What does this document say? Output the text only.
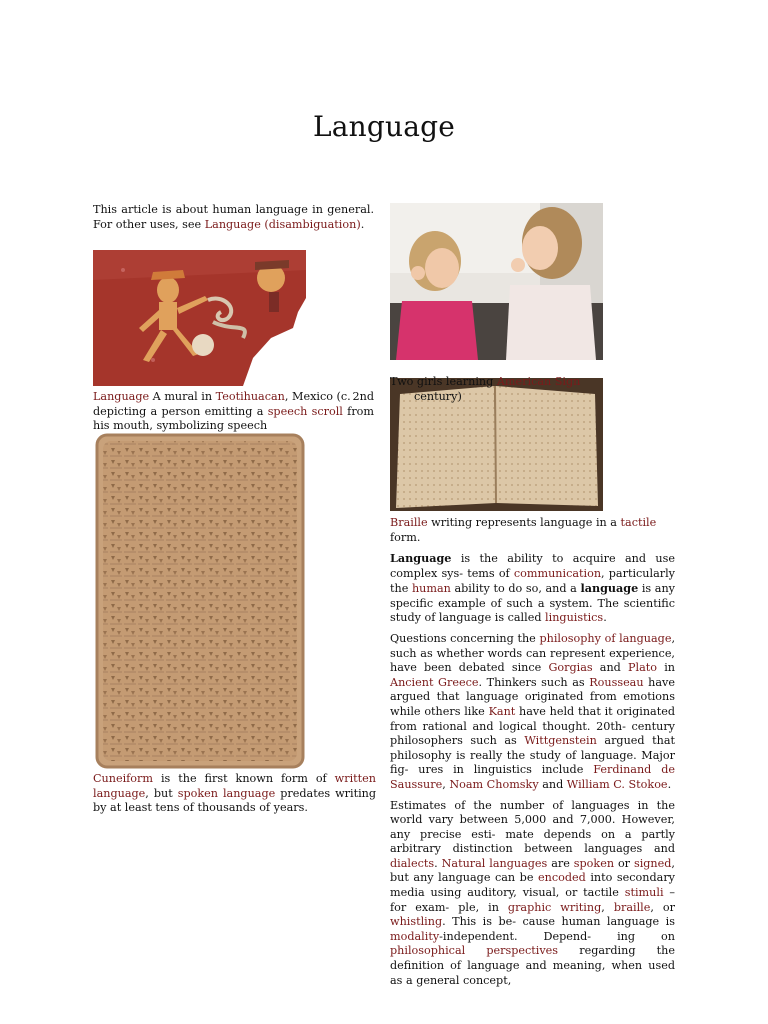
Language
This article is about human language in general. For other uses, see Language (disambiguation).
Language A mural in Teotihuacan, Mexico (c. 2nd
depicting a person emitting a speech scroll from his mouth, symbolizing speech
Cuneiform is the first known form of written language, but spoken language predates writing by at least tens of thousands of years.
Two girls learning American Sign
century)
Braille writing represents language in a tactile form.

Language is the ability to acquire and use complex sys- tems of communication, particularly the human ability to do so, and a language is any specific example of such a system. The scientific study of language is called linguistics.

Questions concerning the philosophy of language, such as whether words can represent experience, have been debated since Gorgias and Plato in Ancient Greece. Thinkers such as Rousseau have argued that language originated from emotions while others like Kant have held that it originated from rational and logical thought. 20th- century philosophers such as Wittgenstein argued that philosophy is really the study of language. Major fig- ures in linguistics include Ferdinand de Saussure, Noam Chomsky and William C. Stokoe.

Estimates of the number of languages in the world vary between 5,000 and 7,000. However, any precise esti- mate depends on a partly arbitrary distinction between languages and dialects. Natural languages are spoken or signed, but any language can be encoded into secondary media using auditory, visual, or tactile stimuli – for exam- ple, in graphic writing, braille, or whistling. This is be- cause human language is modality-independent. Depend- ing on philosophical perspectives regarding the definition of language and meaning, when used as a general concept,
